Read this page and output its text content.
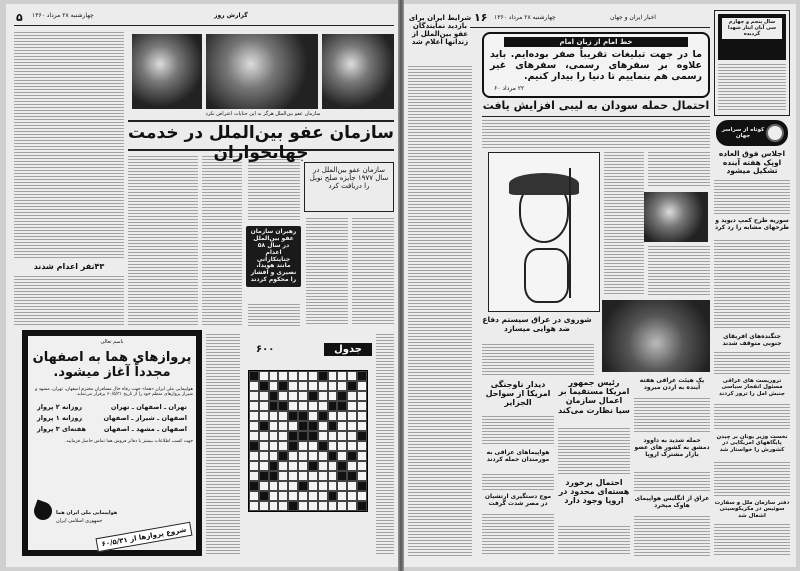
۵ چهارشنبه ۲۸ مرداد ۱۳۶۰	گزارش روز
۴۳نفر اعدام شدند
سازمان عفو بین‌الملل هرگز به این جنایات اعتراض نکرد
سازمان عفو بین‌الملل در خدمت جهانخواران
سازمان عفو بین‌الملل در سال ۱۹۷۷ جایزه صلح نوبل را دریافت کرد
رهبران سازمان عفو بین‌الملل در سال ۵۸ اعدام جنایتکارانی مانند هویدا، نصیری و افشار را محکوم کردند
باسم تعالی
پروازهای هما به اصفهان
مجدداً آغاز میشود.
هواپیمایی ملی ایران «هما» جهت رفاه حال مسافران محترم اصفهان، تهران، مشهد و شیراز پروازهای منظم خود را از تاریخ ۶۰/۵/۳۱ برقرار می‌نماید.
تهران ـ اصفهان ـ تهران
روزانه ۲ پرواز
اصفهان ـ شیراز ـ اصفهان
روزانه ۱ پرواز
اصفهان ـ مشهد ـ اصفهان
هفته‌ای ۳ پرواز
جهت کسب اطلاعات بیشتر با دفاتر فروش هما تماس حاصل فرمایید.
هواپیمایی ملی ایران هما
جمهوری اسلامی ایران
شروع پروازها از ۶۰/۵/۳۱
۶۰۰	جدول
۱۶ چهارشنبه ۲۸ مرداد ۱۳۶۰	اخبار ایران و جهان
شرایط ایران برای بازدید نمایندگان عفو بین‌الملل از زندانها اعلام شد	خط امام از زبان امام
ما در جهت تبلیغات تقریباً صفر بوده‌ایم. باید علاوه بر سفرهای رسمی، سفرهای غیر رسمی هم بنماییم تا دنیا را بیدار کنیم.
۲۲ مرداد ۶۰
احتمال حمله سودان به لیبی افزایش یافت
شوروی در عراق سیستم دفاع ضد هوایی میسازد
دیدار ناوجنگی امریکا از سواحل الجزایر
هواپیماهای عراقی به مورمندان حمله کردند
موج دستگیری ارتشیان در مصر شدت گرفت
رئیس جمهور امریکا مستقیماً بر اعمال سازمان سیا نظارت می‌کند
احتمال برخورد هسته‌ای محدود در اروپا وجود دارد
یک هیئت عراقی هفته آینده به اردن میرود
حمله شدید به داوود دمشق به کشور های عضو بازار مشترک اروپا
عراق از انگلیس هواپیمای هاوک میخرد
سال پنجم و چهارم سی آبان ایثار شهدا گردیده
کوتاه از سراسر جهان
اجلاس فوق العاده اوپک هفته آینده تشکیل میشود
سوریه طرح کمپ دیوید و طرحهای مشابه را رد کرد
جنگنده‌های افریقای جنوبی متوقف شدند
تروریست های عراقی مسئول انفجار سیاسی جنبش امل را ترور کردند
نخست وزیر یونان بر چیدن پایگاههای امریکایی در کشورش را خواستار شد
دفتر سازمان ملل و سفارت سوئیس در مکزیکوسیتی اشغال شد
